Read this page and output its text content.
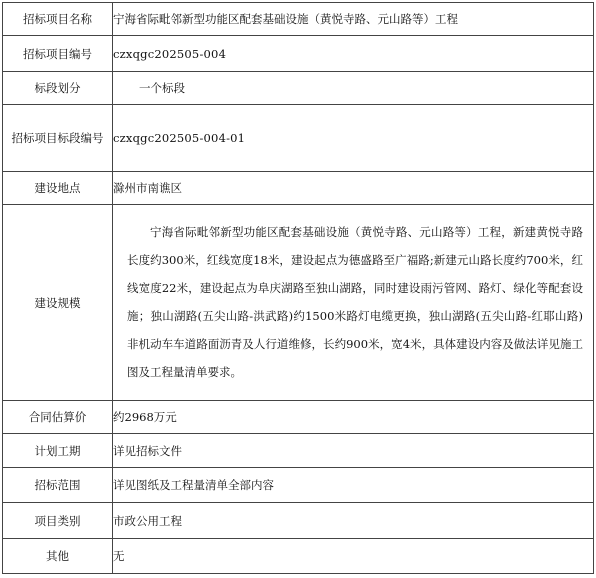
招标项目名称	宁海省际毗邻新型功能区配套基础设施（黄悦寺路、元山路等）工程
招标项目编号	czxqgc202505-004
标段划分	一个标段

招标项目标段编号	czxqgc202505-004-01
建设地点	滁州市南谯区
建设规模	宁海省际毗邻新型功能区配套基础设施（黄悦寺路、元山路等）工程，新建黄悦寺路长度约300米，红线宽度18米，建设起点为德盛路至广福路;新建元山路长度约700米，红线宽度22米，建设起点为阜庆湖路至独山湖路，同时建设雨污管网、路灯、绿化等配套设施；独山湖路(五尖山路-洪武路)约1500米路灯电缆更换，独山湖路(五尖山路-红耶山路)非机动车车道路面沥青及人行道维修，长约900米，宽4米，具体建设内容及做法详见施工图及工程量清单要求。

合同估算价	约2968万元
计划工期	详见招标文件
招标范围	详见图纸及工程量清单全部内容
项目类别	市政公用工程
其他	无
